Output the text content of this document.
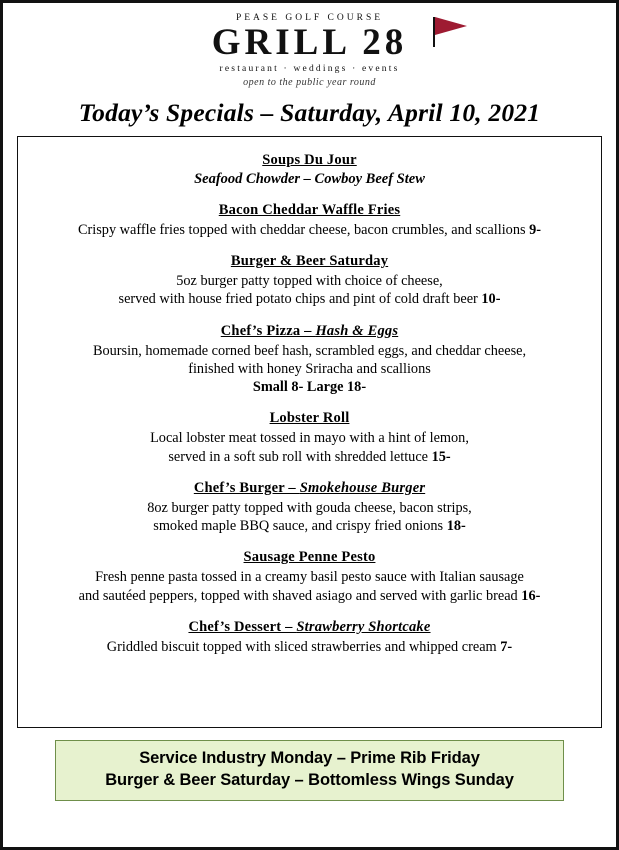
PEASE GOLF COURSE
GRILL 28
restaurant · weddings · events
open to the public year round
Today’s Specials – Saturday, April 10, 2021
Soups Du Jour
Seafood Chowder – Cowboy Beef Stew
Bacon Cheddar Waffle Fries
Crispy waffle fries topped with cheddar cheese, bacon crumbles, and scallions 9-
Burger & Beer Saturday
5oz burger patty topped with choice of cheese,
served with house fried potato chips and pint of cold draft beer 10-
Chef’s Pizza – Hash & Eggs
Boursin, homemade corned beef hash, scrambled eggs, and cheddar cheese,
finished with honey Sriracha and scallions
Small 8- Large 18-
Lobster Roll
Local lobster meat tossed in mayo with a hint of lemon,
served in a soft sub roll with shredded lettuce 15-
Chef’s Burger – Smokehouse Burger
8oz burger patty topped with gouda cheese, bacon strips,
smoked maple BBQ sauce, and crispy fried onions 18-
Sausage Penne Pesto
Fresh penne pasta tossed in a creamy basil pesto sauce with Italian sausage
and sautéed peppers, topped with shaved asiago and served with garlic bread 16-
Chef’s Dessert – Strawberry Shortcake
Griddled biscuit topped with sliced strawberries and whipped cream 7-
Service Industry Monday – Prime Rib Friday
Burger & Beer Saturday – Bottomless Wings Sunday
